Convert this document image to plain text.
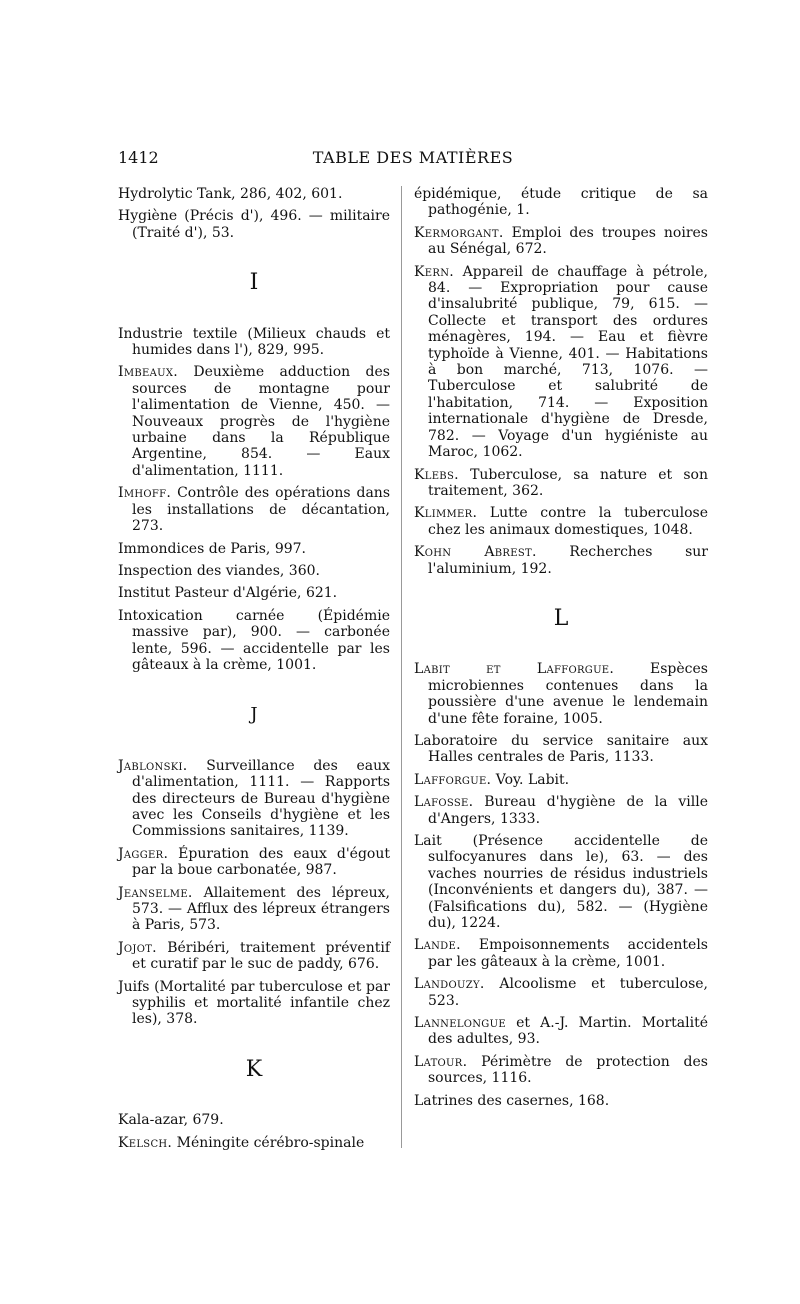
1412	TABLE DES MATIÈRES

Hydrolytic Tank, 286, 402, 601.

Hygiène (Précis d'), 496. — militaire (Traité d'), 53.

I

Industrie textile (Milieux chauds et humides dans l'), 829, 995.

Imbeaux. Deuxième adduction des sources de montagne pour l'alimentation de Vienne, 450. — Nouveaux progrès de l'hygiène urbaine dans la République Argentine, 854. — Eaux d'alimentation, 1111.

Imhoff. Contrôle des opérations dans les installations de décantation, 273.

Immondices de Paris, 997.

Inspection des viandes, 360.

Institut Pasteur d'Algérie, 621.

Intoxication carnée (Épidémie massive par), 900. — carbonée lente, 596. — accidentelle par les gâteaux à la crème, 1001.

J

Jablonski. Surveillance des eaux d'alimentation, 1111. — Rapports des directeurs de Bureau d'hygiène avec les Conseils d'hygiène et les Commissions sanitaires, 1139.

Jagger. Épuration des eaux d'égout par la boue carbonatée, 987.

Jeanselme. Allaitement des lépreux, 573. — Afflux des lépreux étrangers à Paris, 573.

Jojot. Béribéri, traitement préventif et curatif par le suc de paddy, 676.

Juifs (Mortalité par tuberculose et par syphilis et mortalité infantile chez les), 378.

K

Kala-azar, 679.

Kelsch. Méningite cérébro-spinale

épidémique, étude critique de sa pathogénie, 1.

Kermorgant. Emploi des troupes noires au Sénégal, 672.

Kern. Appareil de chauffage à pétrole, 84. — Expropriation pour cause d'insalubrité publique, 79, 615. — Collecte et transport des ordures ménagères, 194. — Eau et fièvre typhoïde à Vienne, 401. — Habitations à bon marché, 713, 1076. — Tuberculose et salubrité de l'habitation, 714. — Exposition internationale d'hygiène de Dresde, 782. — Voyage d'un hygiéniste au Maroc, 1062.

Klebs. Tuberculose, sa nature et son traitement, 362.

Klimmer. Lutte contre la tuberculose chez les animaux domestiques, 1048.

Kohn Abrest. Recherches sur l'aluminium, 192.

L

Labit et Lafforgue. Espèces microbiennes contenues dans la poussière d'une avenue le lendemain d'une fête foraine, 1005.

Laboratoire du service sanitaire aux Halles centrales de Paris, 1133.

Lafforgue. Voy. Labit.

Lafosse. Bureau d'hygiène de la ville d'Angers, 1333.

Lait (Présence accidentelle de sulfocyanures dans le), 63. — des vaches nourries de résidus industriels (Inconvénients et dangers du), 387. — (Falsifications du), 582. — (Hygiène du), 1224.

Lande. Empoisonnements accidentels par les gâteaux à la crème, 1001.

Landouzy. Alcoolisme et tuberculose, 523.

Lannelongue et A.-J. Martin. Mortalité des adultes, 93.

Latour. Périmètre de protection des sources, 1116.

Latrines des casernes, 168.
